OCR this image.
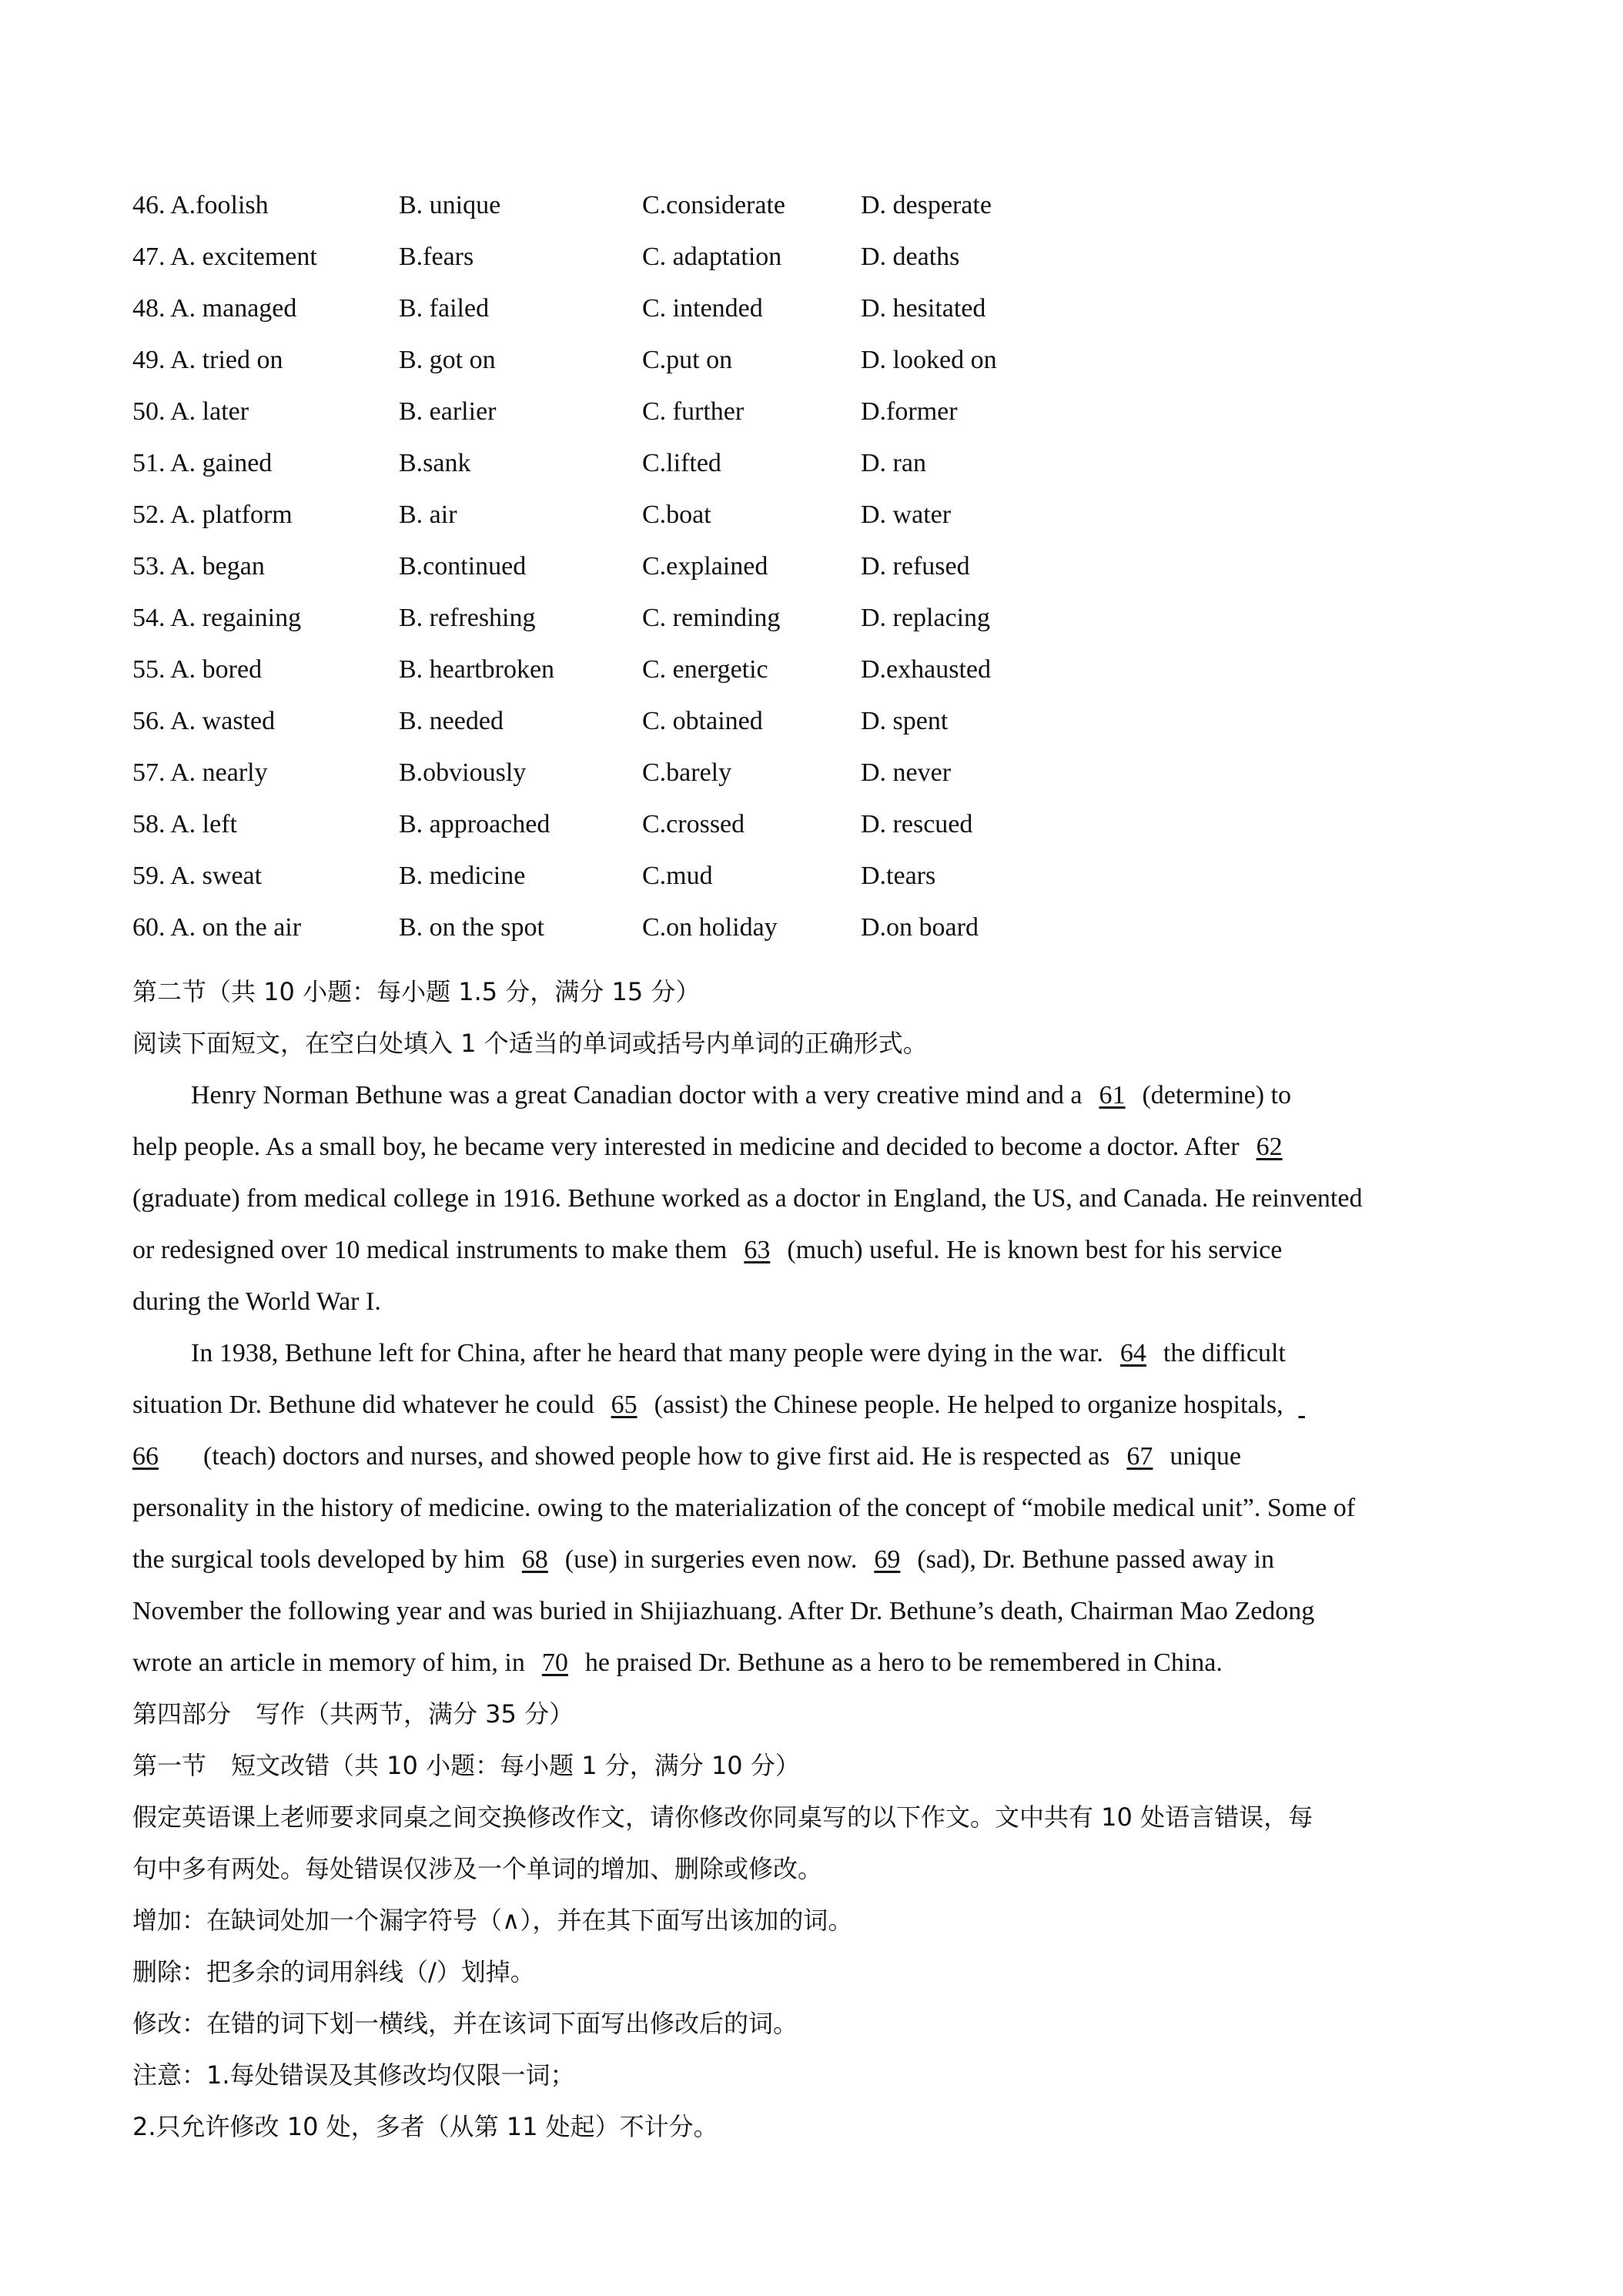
46. A.foolish	B. unique	C.considerate	D. desperate
47. A. excitement	B.fears	C. adaptation	D. deaths
48. A. managed	B. failed	C. intended	D. hesitated
49. A. tried on	B. got on	C.put on	D. looked on
50. A. later	B. earlier	C. further	D.former
51. A. gained	B.sank	C.lifted	D. ran
52. A. platform	B. air	C.boat	D. water
53. A. began	B.continued	C.explained	D. refused
54. A. regaining	B. refreshing	C. reminding	D. replacing
55. A. bored	B. heartbroken	C. energetic	D.exhausted
56. A. wasted	B. needed	C. obtained	D. spent
57. A. nearly	B.obviously	C.barely	D. never
58. A. left	B. approached	C.crossed	D. rescued
59. A. sweat	B. medicine	C.mud	D.tears
60. A. on the air	B. on the spot	C.on holiday	D.on board
第二节（共 10 小题：每小题 1.5 分，满分 15 分）
阅读下面短文，在空白处填入 1 个适当的单词或括号内单词的正确形式。
Henry Norman Bethune was a great Canadian doctor with a very creative mind and a 61 (determine) to
help people. As a small boy, he became very interested in medicine and decided to become a doctor. After 62
(graduate) from medical college in 1916. Bethune worked as a doctor in England, the US, and Canada. He reinvented
or redesigned over 10 medical instruments to make them 63 (much) useful. He is known best for his service
during the World War I.
In 1938, Bethune left for China, after he heard that many people were dying in the war. 64 the difficult
situation Dr. Bethune did whatever he could 65 (assist) the Chinese people. He helped to organize hospitals,
66 (teach) doctors and nurses, and showed people how to give first aid. He is respected as 67 unique
personality in the history of medicine. owing to the materialization of the concept of “mobile medical unit”. Some of
the surgical tools developed by him 68 (use) in surgeries even now. 69 (sad), Dr. Bethune passed away in
November the following year and was buried in Shijiazhuang. After Dr. Bethune’s death, Chairman Mao Zedong
wrote an article in memory of him, in 70 he praised Dr. Bethune as a hero to be remembered in China.
第四部分　写作（共两节，满分 35 分）
第一节　短文改错（共 10 小题：每小题 1 分，满分 10 分）
假定英语课上老师要求同桌之间交换修改作文，请你修改你同桌写的以下作文。文中共有 10 处语言错误，每
句中多有两处。每处错误仅涉及一个单词的增加、删除或修改。
增加：在缺词处加一个漏字符号（∧），并在其下面写出该加的词。
删除：把多余的词用斜线（/）划掉。
修改：在错的词下划一横线，并在该词下面写出修改后的词。
注意：1.每处错误及其修改均仅限一词；
2.只允许修改 10 处，多者（从第 11 处起）不计分。
